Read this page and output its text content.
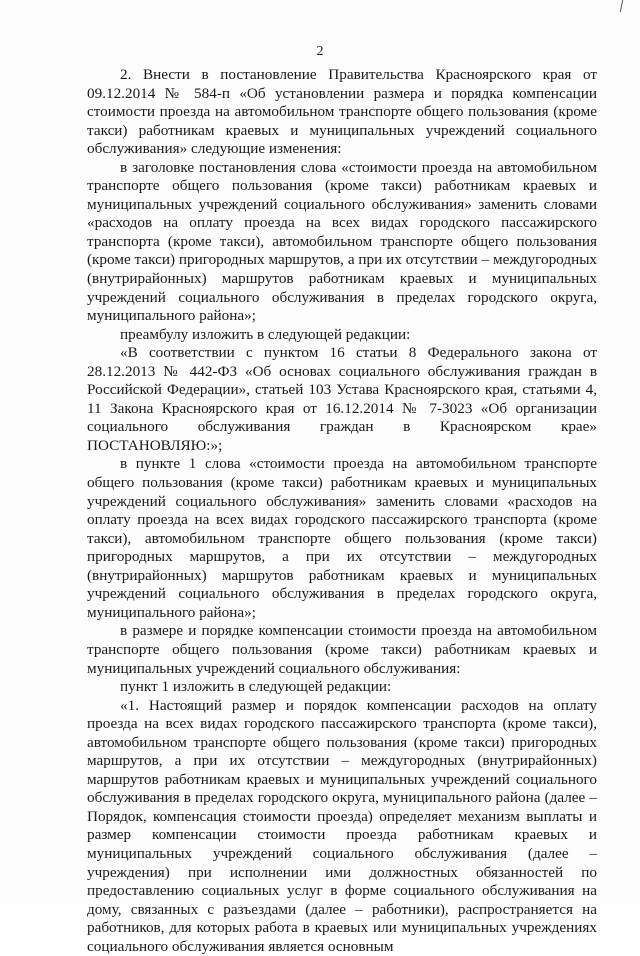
2

2. Внести в постановление Правительства Красноярского края от 09.12.2014 № 584-п «Об установлении размера и порядка компенсации стоимости проезда на автомобильном транспорте общего пользования (кроме такси) работникам краевых и муниципальных учреждений социального обслуживания» следующие изменения:

в заголовке постановления слова «стоимости проезда на автомобильном транспорте общего пользования (кроме такси) работникам краевых и муниципальных учреждений социального обслуживания» заменить словами «расходов на оплату проезда на всех видах городского пассажирского транспорта (кроме такси), автомобильном транспорте общего пользования (кроме такси) пригородных маршрутов, а при их отсутствии – междугородных (внутрирайонных) маршрутов работникам краевых и муниципальных учреждений социального обслуживания в пределах городского округа, муниципального района»;

преамбулу изложить в следующей редакции:

«В соответствии с пунктом 16 статьи 8 Федерального закона от 28.12.2013 № 442-ФЗ «Об основах социального обслуживания граждан в Российской Федерации», статьей 103 Устава Красноярского края, статьями 4, 11 Закона Красноярского края от 16.12.2014 № 7-3023 «Об организации социального обслуживания граждан в Красноярском крае» ПОСТАНОВЛЯЮ:»;

в пункте 1 слова «стоимости проезда на автомобильном транспорте общего пользования (кроме такси) работникам краевых и муниципальных учреждений социального обслуживания» заменить словами «расходов на оплату проезда на всех видах городского пассажирского транспорта (кроме такси), автомобильном транспорте общего пользования (кроме такси) пригородных маршрутов, а при их отсутствии – междугородных (внутрирайонных) маршрутов работникам краевых и муниципальных учреждений социального обслуживания в пределах городского округа, муниципального района»;

в размере и порядке компенсации стоимости проезда на автомобильном транспорте общего пользования (кроме такси) работникам краевых и муниципальных учреждений социального обслуживания:

пункт 1 изложить в следующей редакции:

«1. Настоящий размер и порядок компенсации расходов на оплату проезда на всех видах городского пассажирского транспорта (кроме такси), автомобильном транспорте общего пользования (кроме такси) пригородных маршрутов, а при их отсутствии – междугородных (внутрирайонных) маршрутов работникам краевых и муниципальных учреждений социального обслуживания в пределах городского округа, муниципального района (далее – Порядок, компенсация стоимости проезда) определяет механизм выплаты и размер компенсации стоимости проезда работникам краевых и муниципальных учреждений социального обслуживания (далее – учреждения) при исполнении ими должностных обязанностей по предоставлению социальных услуг в форме социального обслуживания на дому, связанных с разъездами (далее – работники), распространяется на работников, для которых работа в краевых или муниципальных учреждениях социального обслуживания является основным
